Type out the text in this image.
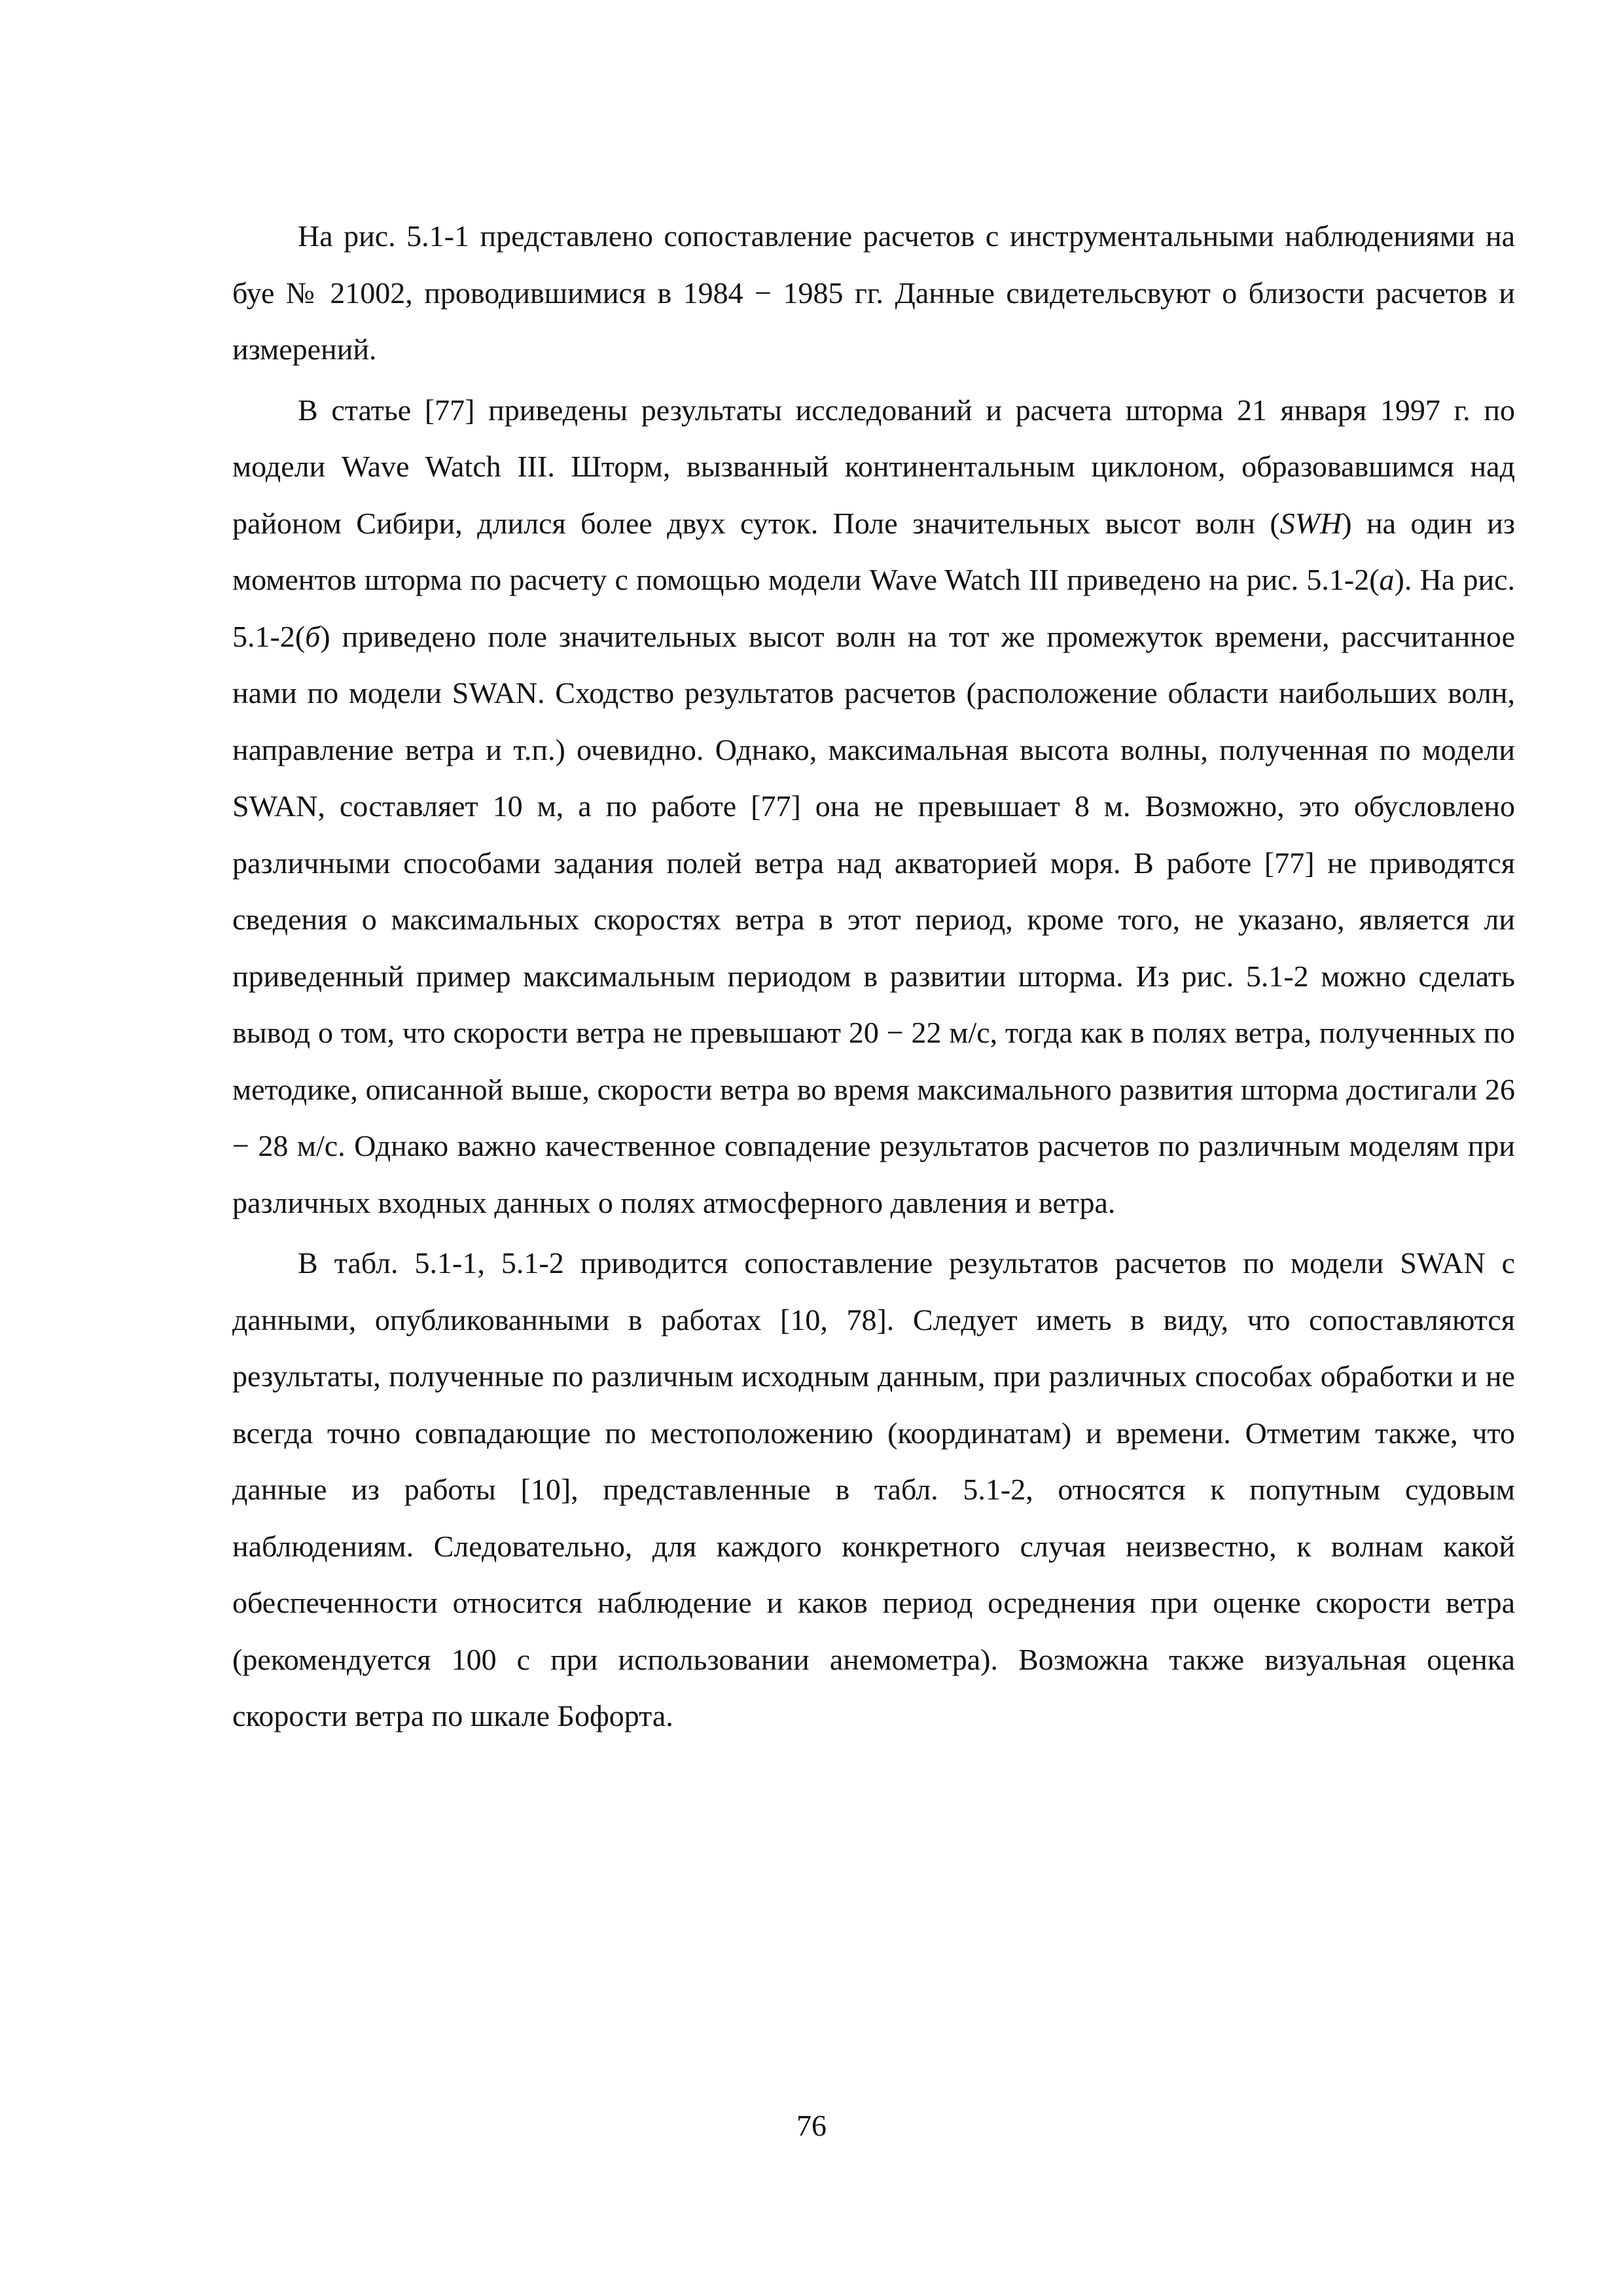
На рис. 5.1-1 представлено сопоставление расчетов с инструментальными наблюдениями на буе № 21002, проводившимися в 1984 − 1985 гг. Данные свидетельсвуют о близости расчетов и измерений.

В статье [77] приведены результаты исследований и расчета шторма 21 января 1997 г. по модели Wave Watch III. Шторм, вызванный континентальным циклоном, образовавшимся над районом Сибири, длился более двух суток. Поле значительных высот волн (SWH) на один из моментов шторма по расчету с помощью модели Wave Watch III приведено на рис. 5.1-2(а). На рис. 5.1-2(б) приведено поле значительных высот волн на тот же промежуток времени, рассчитанное нами по модели SWAN. Сходство результатов расчетов (расположение области наибольших волн, направление ветра и т.п.) очевидно. Однако, максимальная высота волны, полученная по модели SWAN, составляет 10 м, а по работе [77] она не превышает 8 м. Возможно, это обусловлено различными способами задания полей ветра над акваторией моря. В работе [77] не приводятся сведения о максимальных скоростях ветра в этот период, кроме того, не указано, является ли приведенный пример максимальным периодом в развитии шторма. Из рис. 5.1-2 можно сделать вывод о том, что скорости ветра не превышают 20 − 22 м/с, тогда как в полях ветра, полученных по методике, описанной выше, скорости ветра во время максимального развития шторма достигали 26 − 28 м/с. Однако важно качественное совпадение результатов расчетов по различным моделям при различных входных данных о полях атмосферного давления и ветра.

В табл. 5.1-1, 5.1-2 приводится сопоставление результатов расчетов по модели SWAN с данными, опубликованными в работах [10, 78]. Следует иметь в виду, что сопоставляются результаты, полученные по различным исходным данным, при различных способах обработки и не всегда точно совпадающие по местоположению (координатам) и времени. Отметим также, что данные из работы [10], представленные в табл. 5.1-2, относятся к попутным судовым наблюдениям. Следовательно, для каждого конкретного случая неизвестно, к волнам какой обеспеченности относится наблюдение и каков период осреднения при оценке скорости ветра (рекомендуется 100 с при использовании анемометра). Возможна также визуальная оценка скорости ветра по шкале Бофорта.

76
